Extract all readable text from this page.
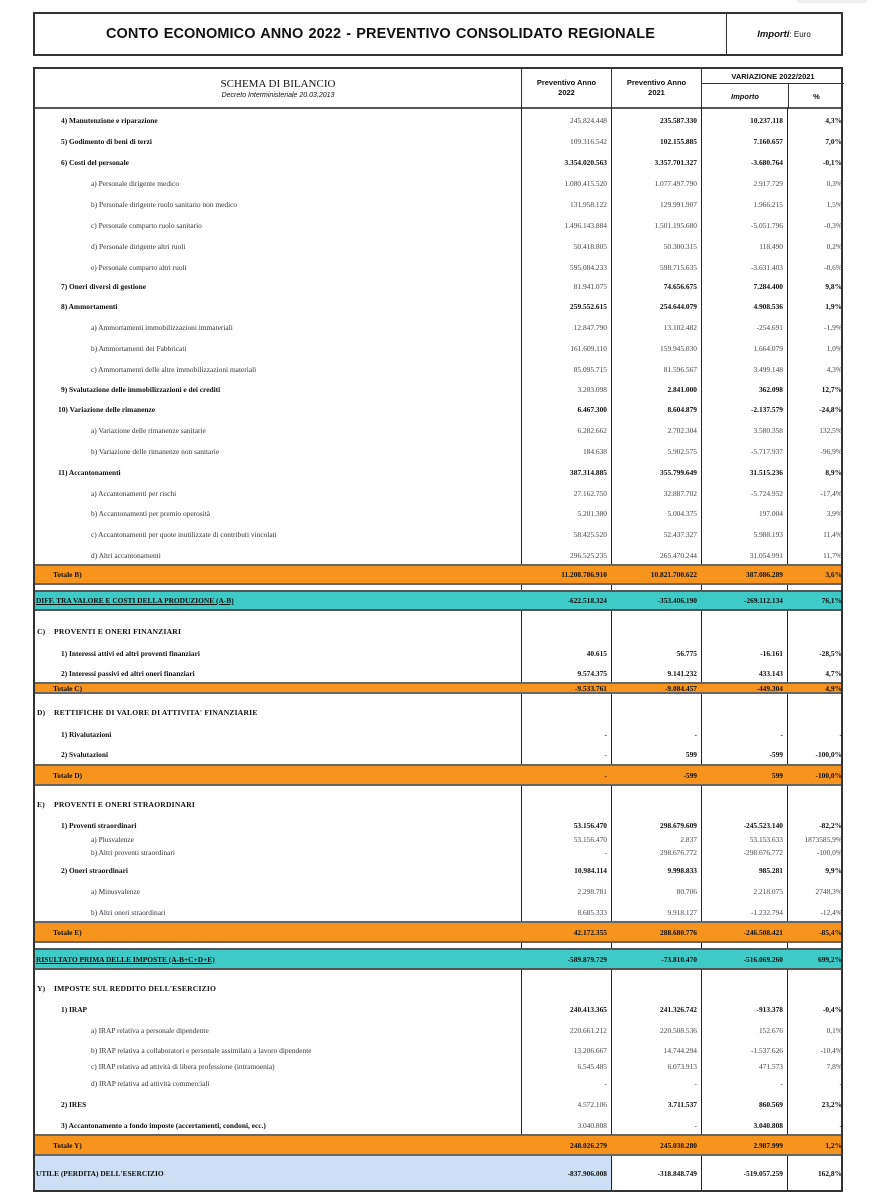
CONTO ECONOMICO ANNO 2022 - PREVENTIVO CONSOLIDATO REGIONALE	Importi : Euro
SCHEMA DI BILANCIO
Decreto Interministeriale 20.03.2013
Preventivo Anno
2022
Preventivo Anno
2021
VARIAZIONE 2022/2021
Importo	%
4) Manutenzione e riparazione	245.824.448	235.587.330	10.237.118	4,3%
5) Godimento di beni di terzi	109.316.542	102.155.885	7.160.657	7,0%
6) Costi del personale	3.354.020.563	3.357.701.327	-3.680.764	-0,1%
a) Personale dirigente medico	1.080.415.520	1.077.497.790	2.917.729	0,3%
b) Personale dirigente ruolo sanitario non medico	131.958.122	129.991.907	1.966.215	1,5%
c) Personale comparto ruolo sanitario	1.496.143.884	1.501.195.680	-5.051.796	-0,3%
d) Personale dirigente altri ruoli	50.418.805	50.300.315	118.490	0,2%
e) Personale comparto altri ruoli	595.084.233	598.715.635	-3.631.403	-0,6%
7) Oneri diversi di gestione	81.941.075	74.656.675	7.284.400	9,8%
8) Ammortamenti	259.552.615	254.644.079	4.908.536	1,9%
a) Ammortamenti immobilizzazioni immateriali	12.847.790	13.102.482	-254.691	-1,9%
b) Ammortamenti dei Fabbricati	161.609.110	159.945.030	1.664.079	1,0%
c) Ammortamenti delle altre immobilizzazioni materiali	85.095.715	81.596.567	3.499.148	4,3%
9) Svalutazione delle immobilizzazioni e dei crediti	3.203.098	2.841.000	362.098	12,7%
10) Variazione delle rimanenze	6.467.300	8.604.879	-2.137.579	-24,8%
a) Variazione delle rimanenze sanitarie	6.282.662	2.702.304	3.580.358	132,5%
b) Variazione delle rimanenze non sanitarie	184.638	5.902.575	-5.717.937	-96,9%
11) Accantonamenti	387.314.885	355.799.649	31.515.236	8,9%
a) Accantonamenti per rischi	27.162.750	32.887.702	-5.724.952	-17,4%
b) Accantonamenti per premio operosità	5.201.380	5.004.375	197.004	3,9%
c) Accantonamenti per quote inutilizzate di contributi vincolati	58.425.520	52.437.327	5.988.193	11,4%
d) Altri accantonamenti	296.525.235	265.470.244	31.054.991	11,7%
Totale B)	11.208.786.910	10.821.700.622	387.086.289	3,6%
DIFF. TRA VALORE E COSTI DELLA PRODUZIONE (A-B)	-622.518.324	-353.406.190	-269.112.134	76,1%
C)	PROVENTI E ONERI FINANZIARI
1) Interessi attivi ed altri proventi finanziari	40.615	56.775	-16.161	-28,5%
2) Interessi passivi ed altri oneri finanziari	9.574.375	9.141.232	433.143	4,7%
Totale C)	-9.533.761	-9.084.457	-449.304	4,9%
D)	RETTIFICHE DI VALORE DI ATTIVITA' FINANZIARIE
1) Rivalutazioni	-	-	-	-
2) Svalutazioni	-	599	-599	-100,0%
Totale D)	-	-599	599	-100,0%
E)	PROVENTI E ONERI STRAORDINARI
1) Proventi straordinari	53.156.470	298.679.609	-245.523.140	-82,2%
a) Plusvalenze	53.156.470	2.837	53.153.633	1873585,9%
b) Altri proventi straordinari	-	298.676.772	-298.676.772	-100,0%
2) Oneri straordinari	10.984.114	9.998.833	985.281	9,9%
a) Minusvalenze	2.298.781	80.706	2.218.075	2748,3%
b) Altri oneri straordinari	8.685.333	9.918.127	-1.232.794	-12,4%
Totale E)	42.172.355	288.680.776	-246.508.421	-85,4%
RISULTATO PRIMA DELLE IMPOSTE (A-B+C+D+E)	-589.879.729	-73.810.470	-516.069.260	699,2%
Y)	IMPOSTE SUL REDDITO DELL'ESERCIZIO
1) IRAP	240.413.365	241.326.742	-913.378	-0,4%
a) IRAP relativa a personale dipendente	220.661.212	220.508.536	152.676	0,1%
b) IRAP relativa a collaboratori e personale assimilato a lavoro dipendente	13.206.667	14.744.294	-1.537.626	-10,4%
c) IRAP relativa ad attività di libera professione (intramoenia)	6.545.485	6.073.913	471.573	7,8%
d) IRAP relativa ad attività commerciali	-	-	-	-
2) IRES	4.572.106	3.711.537	860.569	23,2%
3) Accantonamento a fondo imposte (accertamenti, condoni, ecc.)	3.040.808	-	3.040.808	-
Totale Y)	248.026.279	245.038.280	2.987.999	1,2%
UTILE (PERDITA) DELL'ESERCIZIO	-837.906.008	-318.848.749	-519.057.259	162,8%
